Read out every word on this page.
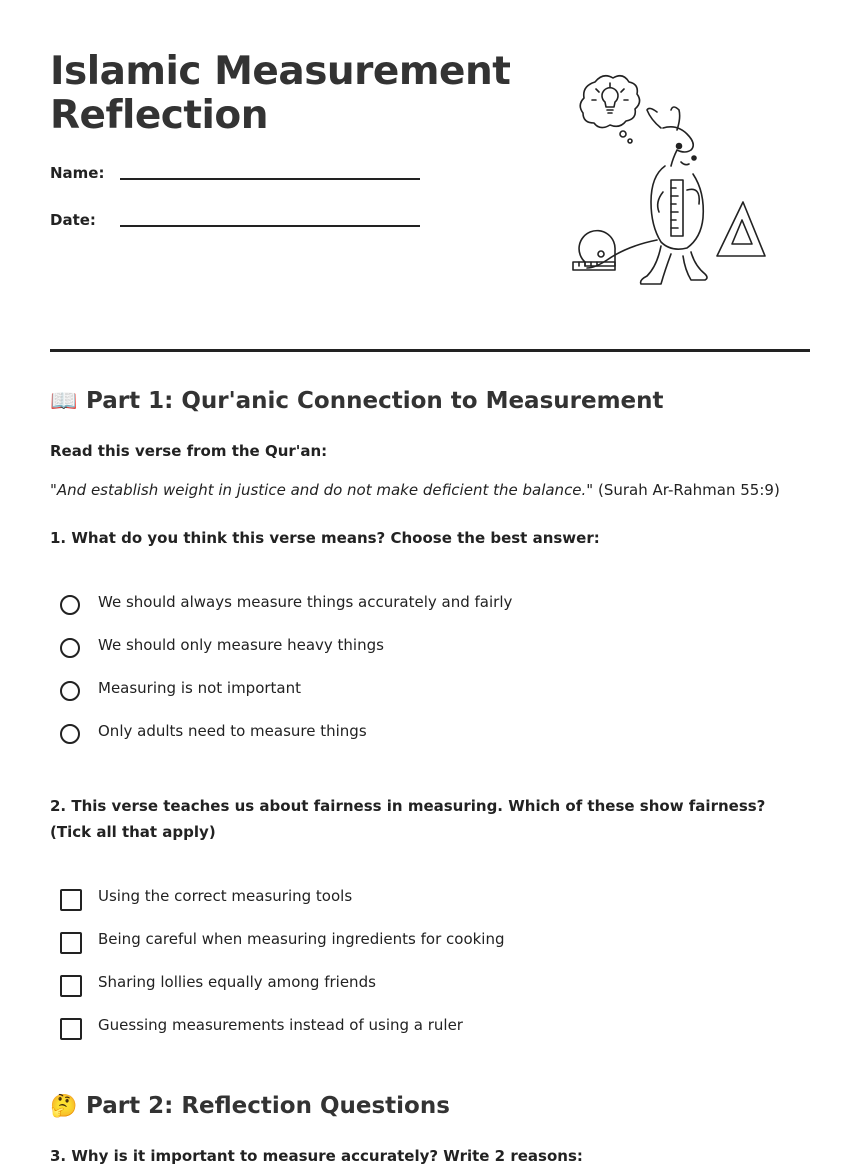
Islamic Measurement
Reflection
Name:
Date:
📖 Part 1: Qur'anic Connection to Measurement
Read this verse from the Qur'an:
"And establish weight in justice and do not make deficient the balance." (Surah Ar-Rahman 55:9)
1. What do you think this verse means? Choose the best answer:
We should always measure things accurately and fairly
We should only measure heavy things
Measuring is not important
Only adults need to measure things
2. This verse teaches us about fairness in measuring. Which of these show fairness? (Tick all that apply)
Using the correct measuring tools
Being careful when measuring ingredients for cooking
Sharing lollies equally among friends
Guessing measurements instead of using a ruler
🤔 Part 2: Reflection Questions
3. Why is it important to measure accurately? Write 2 reasons:
